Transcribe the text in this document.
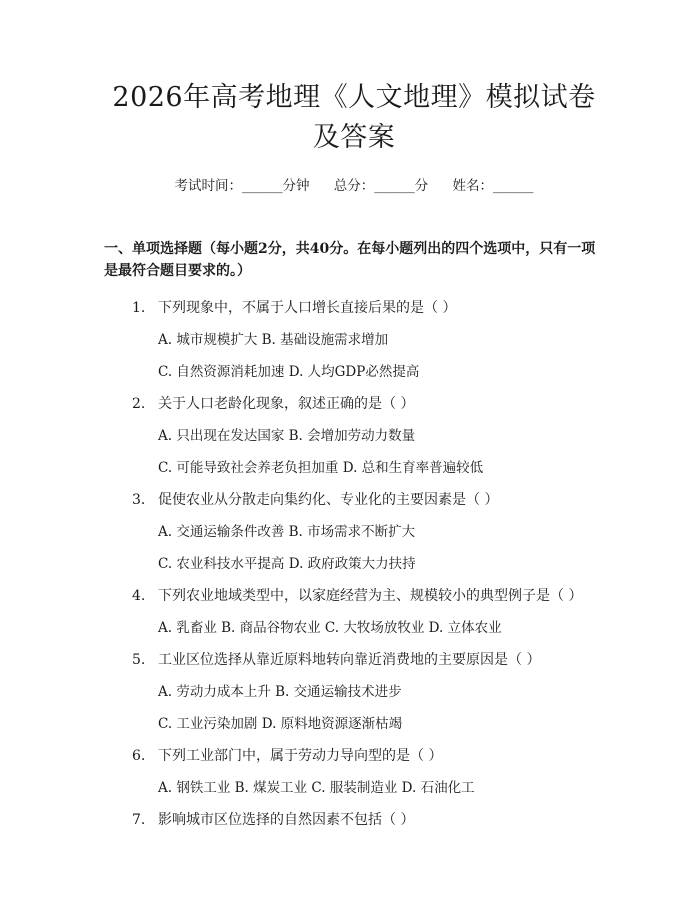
2026年高考地理《人文地理》模拟试卷及答案
考试时间：______分钟 总分：______分 姓名：______
一、单项选择题（每小题2分，共40分。在每小题列出的四个选项中，只有一项是最符合题目要求的。）
1. 下列现象中，不属于人口增长直接后果的是（ ）
A. 城市规模扩大 B. 基础设施需求增加
C. 自然资源消耗加速 D. 人均GDP必然提高
2. 关于人口老龄化现象，叙述正确的是（ ）
A. 只出现在发达国家 B. 会增加劳动力数量
C. 可能导致社会养老负担加重 D. 总和生育率普遍较低
3. 促使农业从分散走向集约化、专业化的主要因素是（ ）
A. 交通运输条件改善 B. 市场需求不断扩大
C. 农业科技水平提高 D. 政府政策大力扶持
4. 下列农业地域类型中，以家庭经营为主、规模较小的典型例子是（ ）
A. 乳畜业 B. 商品谷物农业 C. 大牧场放牧业 D. 立体农业
5. 工业区位选择从靠近原料地转向靠近消费地的主要原因是（ ）
A. 劳动力成本上升 B. 交通运输技术进步
C. 工业污染加剧 D. 原料地资源逐渐枯竭
6. 下列工业部门中，属于劳动力导向型的是（ ）
A. 钢铁工业 B. 煤炭工业 C. 服装制造业 D. 石油化工
7. 影响城市区位选择的自然因素不包括（ ）
